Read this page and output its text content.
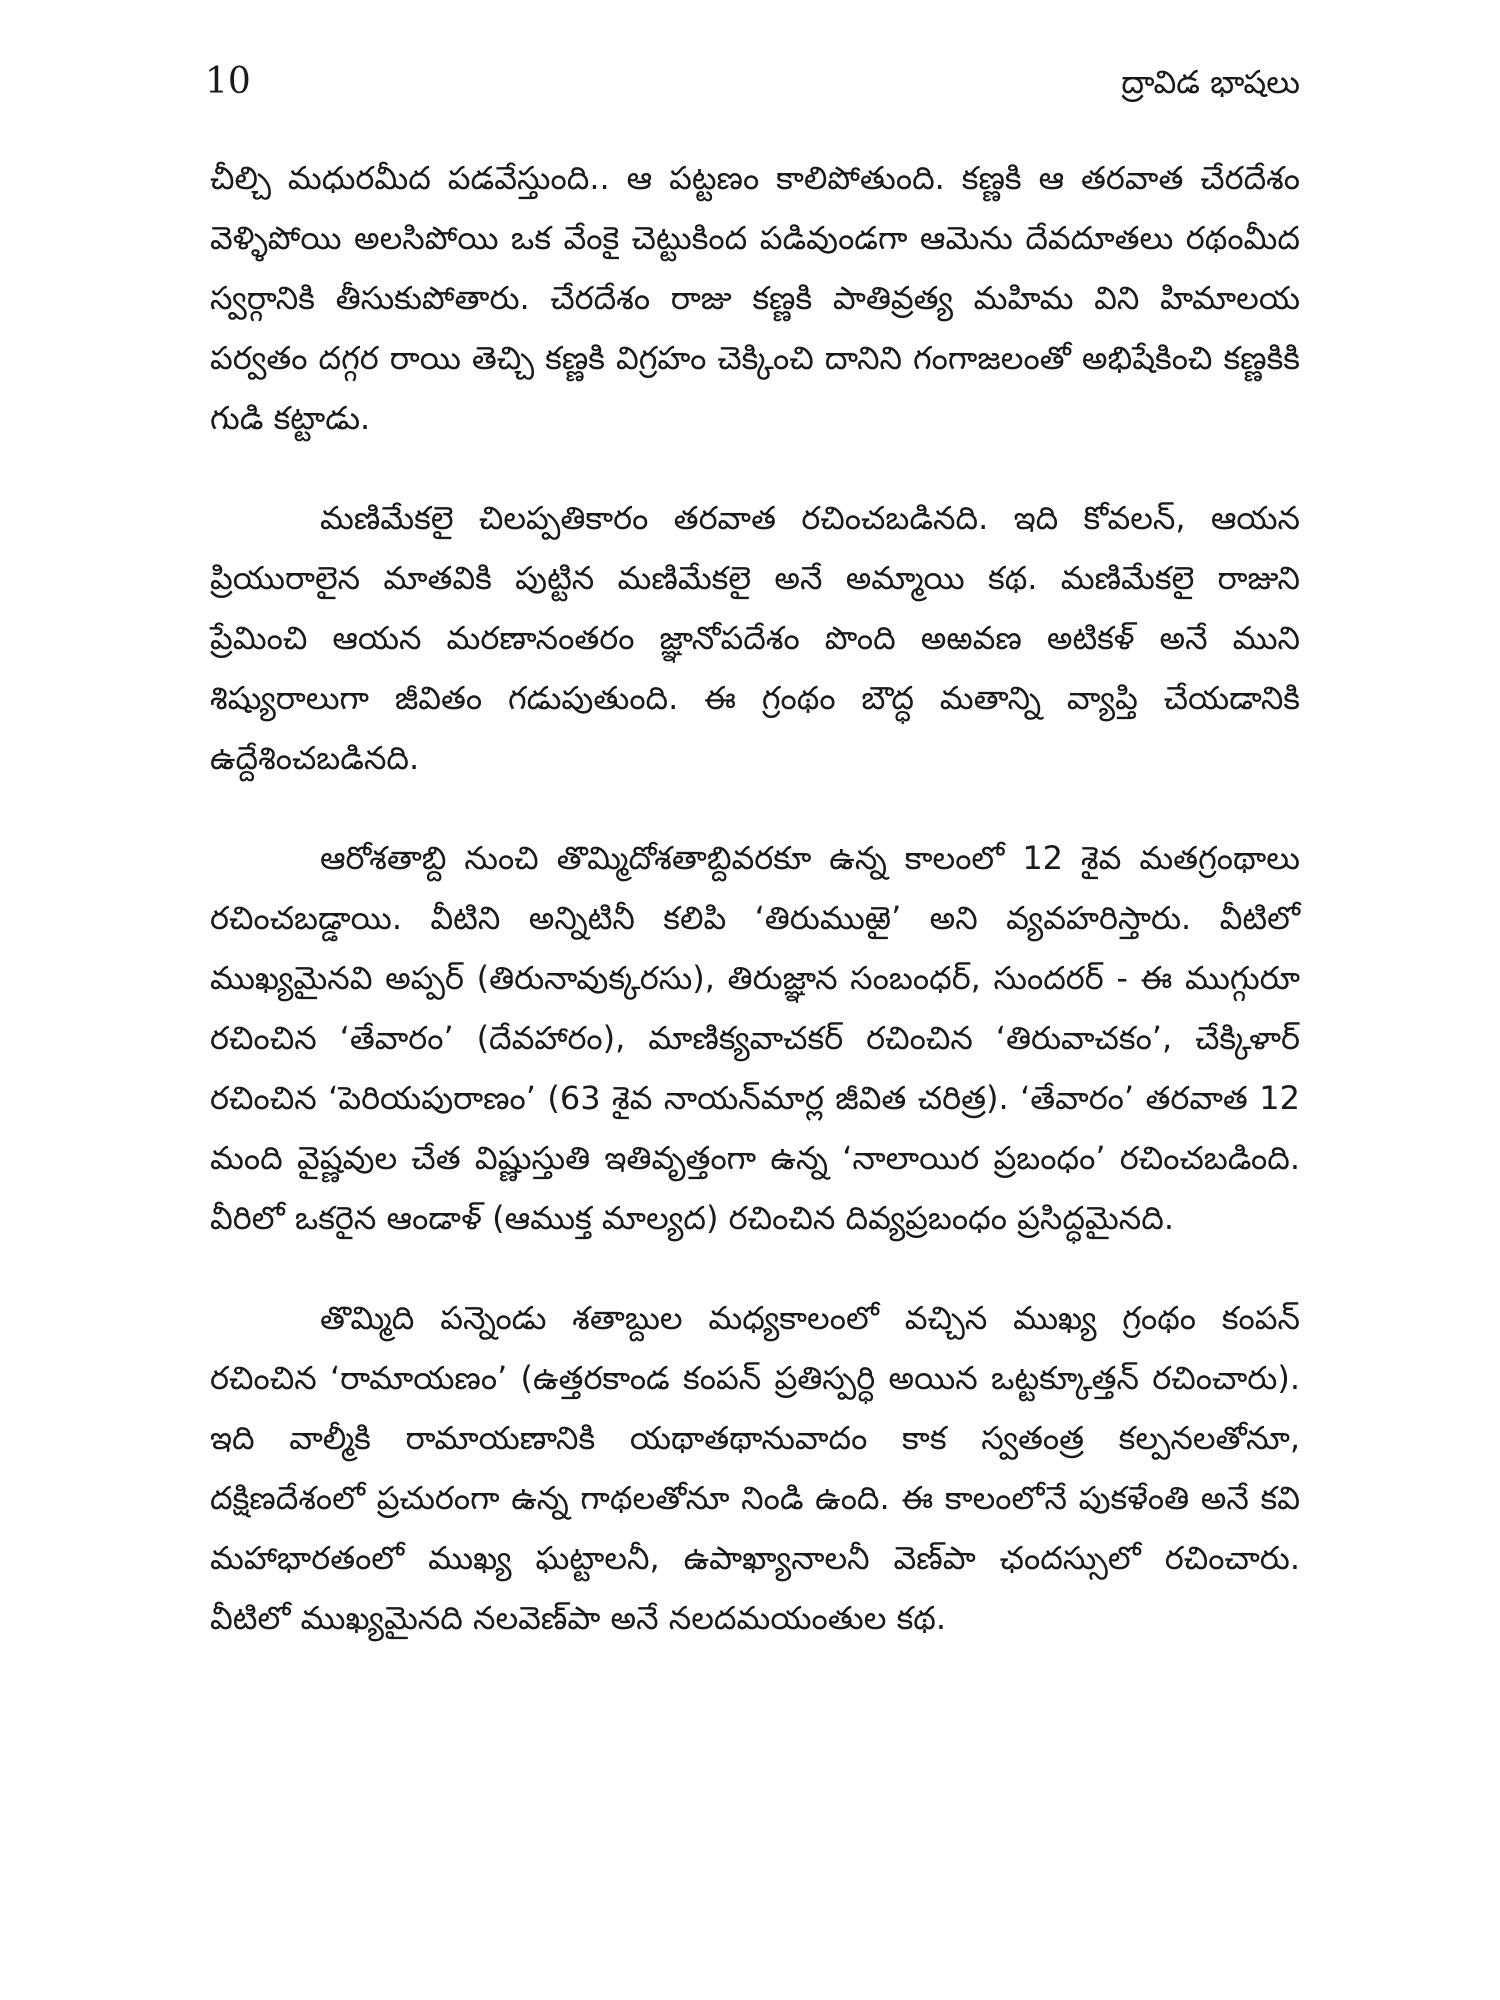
10	ద్రావిడ భాషలు

చీల్చి మధురమీద పడవేస్తుంది.. ఆ పట్టణం కాలిపోతుంది. కణ్ణకి ఆ తరవాత చేరదేశం వెళ్ళిపోయి అలసిపోయి ఒక వేంకై చెట్టుకింద పడివుండగా ఆమెను దేవదూతలు రథంమీద స్వర్గానికి తీసుకుపోతారు. చేరదేశం రాజు కణ్ణకి పాతివ్రత్య మహిమ విని హిమాలయ పర్వతం దగ్గర రాయి తెచ్చి కణ్ణకి విగ్రహం చెక్కించి దానిని గంగాజలంతో అభిషేకించి కణ్ణకికి గుడి కట్టాడు.

మణిమేకలై చిలప్పతికారం తరవాత రచించబడినది. ఇది కోవలన్, ఆయన ప్రియురాలైన మాతవికి పుట్టిన మణిమేకలై అనే అమ్మాయి కథ. మణిమేకలై రాజుని ప్రేమించి ఆయన మరణానంతరం జ్ఞానోపదేశం పొంది అఱవణ అటికళ్ అనే ముని శిష్యురాలుగా జీవితం గడుపుతుంది. ఈ గ్రంథం బౌద్ధ మతాన్ని వ్యాప్తి చేయడానికి ఉద్దేశించబడినది.

ఆరోశతాబ్ది నుంచి తొమ్మిదోశతాబ్దివరకూ ఉన్న కాలంలో 12 శైవ మతగ్రంథాలు రచించబడ్డాయి. వీటిని అన్నిటినీ కలిపి ‘తిరుముఱై’ అని వ్యవహరిస్తారు. వీటిలో ముఖ్యమైనవి అప్పర్ (తిరునావుక్కరసు), తిరుజ్ఞాన సంబంధర్, సుందరర్ - ఈ ముగ్గురూ రచించిన ‘తేవారం’ (దేవహారం), మాణిక్యవాచకర్ రచించిన ‘తిరువాచకం’, చేక్కిళార్ రచించిన ‘పెరియపురాణం’ (63 శైవ నాయన్‌మార్ల జీవిత చరిత్ర). ‘తేవారం’ తరవాత 12 మంది వైష్ణవుల చేత విష్ణుస్తుతి ఇతివృత్తంగా ఉన్న ‘నాలాయిర ప్రబంధం’ రచించబడింది. వీరిలో ఒకరైన ఆండాళ్ (ఆముక్త మాల్యద) రచించిన దివ్యప్రబంధం ప్రసిద్ధమైనది.

తొమ్మిది పన్నెండు శతాబ్దుల మధ్యకాలంలో వచ్చిన ముఖ్య గ్రంథం కంపన్ రచించిన ‘రామాయణం’ (ఉత్తరకాండ కంపన్ ప్రతిస్పర్ధి అయిన ఒట్టక్కూత్తన్ రచించారు). ఇది వాల్మీకి రామాయణానికి యథాతథానువాదం కాక స్వతంత్ర కల్పనలతోనూ, దక్షిణదేశంలో ప్రచురంగా ఉన్న గాథలతోనూ నిండి ఉంది. ఈ కాలంలోనే పుకళేంతి అనే కవి మహాభారతంలో ముఖ్య ఘట్టాలనీ, ఉపాఖ్యానాలనీ వెణ్‌పా ఛందస్సులో రచించారు. వీటిలో ముఖ్యమైనది నలవెణ్‌పా అనే నలదమయంతుల కథ.
